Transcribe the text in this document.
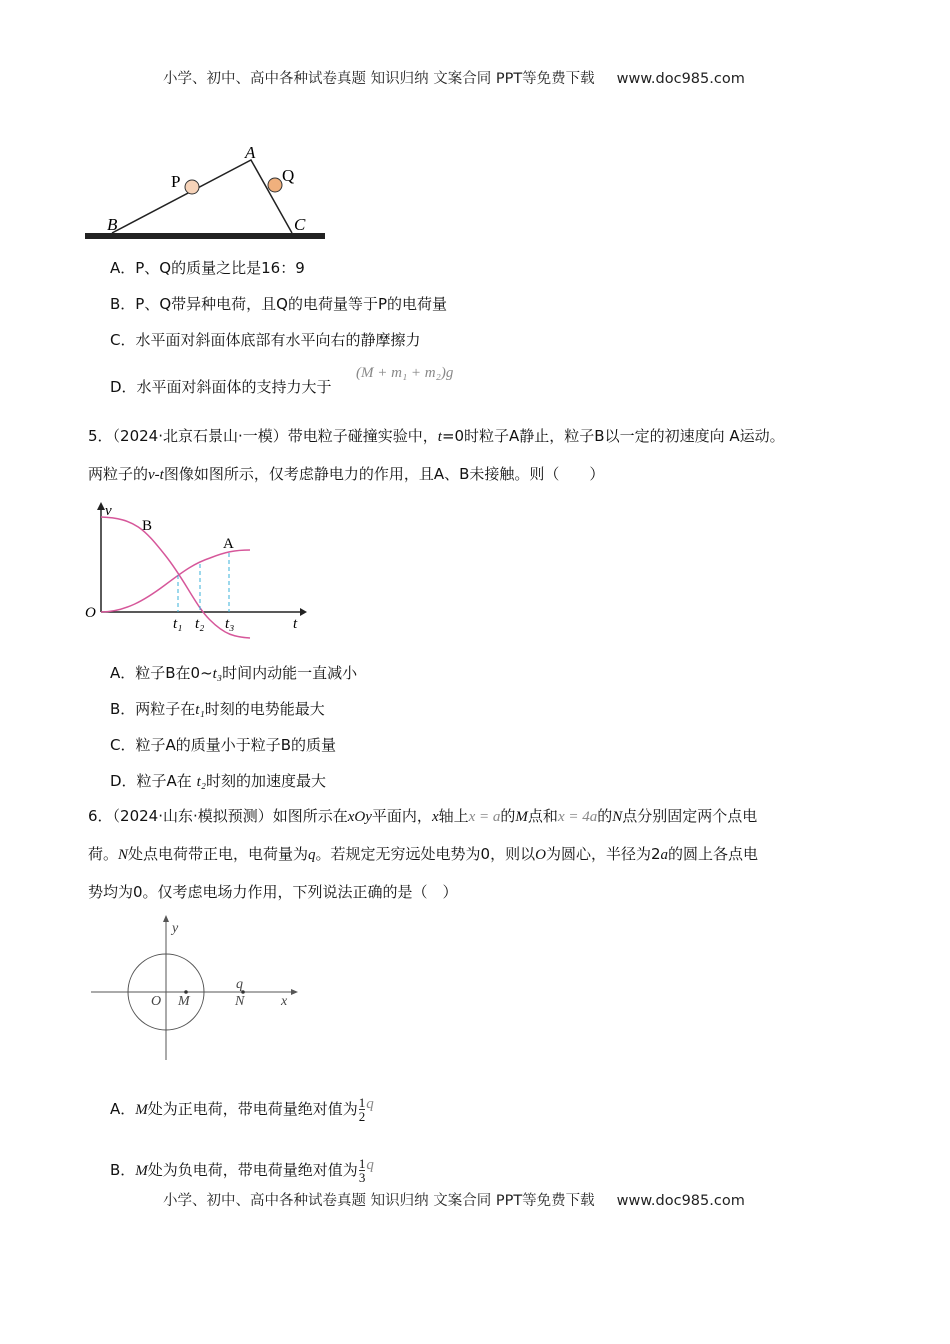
小学、初中、高中各种试卷真题 知识归纳 文案合同 PPT等免费下载 www.doc985.com
A
P	Q
B	C
A．P、Q的质量之比是16：9
B．P、Q带异种电荷，且Q的电荷量等于P的电荷量
C．水平面对斜面体底部有水平向右的静摩擦力
D．水平面对斜面体的支持力大于
(M + m₁ + m₂)g
5．（2024·北京石景山·一模）带电粒子碰撞实验中，t=0时粒子A静止，粒子B以一定的初速度向 A运动。
两粒子的v-t图像如图所示，仅考虑静电力的作用，且A、B未接触。则（　　）
v
O
B
A
t₁ t₂ t₃	t
A．粒子B在0~t₃时间内动能一直减小
B．两粒子在t₁时刻的电势能最大
C．粒子A的质量小于粒子B的质量
D．粒子A在 t₂时刻的加速度最大
6．（2024·山东·模拟预测）如图所示在xOy平面内，x轴上x = a的M点和x = 4a的N点分别固定两个点电
荷。N处点电荷带正电，电荷量为q。若规定无穷远处电势为0，则以O为圆心，半径为2a的圆上各点电
势均为0。仅考虑电场力作用，下列说法正确的是（　）
y
x
O M	N
q
A．M处为正电荷，带电荷量绝对值为 $\frac{1}{2}$ q
B．M处为负电荷，带电荷量绝对值为 $\frac{1}{3}$ q
小学、初中、高中各种试卷真题 知识归纳 文案合同 PPT等免费下载 www.doc985.com
